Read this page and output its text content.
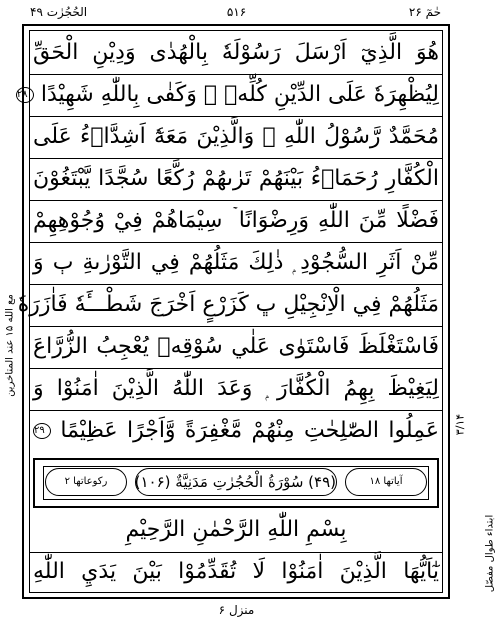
الحُجُرٰت ۴۹	۵۱۶	حٰمٓ ۲۶
هُوَ الَّذِيٓ اَرْسَلَ رَسُوْلَهٗ بِالْهُدٰى وَدِيْنِ الْحَقِّ
لِيُظْهِرَهٗ عَلَى الدِّيْنِ كُلِّهٖ ۭ وَكَفٰى بِاللّٰهِ شَهِيْدًا ۲۸
مُحَمَّدٌ رَّسُوْلُ اللّٰهِ ۭ وَالَّذِيْنَ مَعَهٗٓ اَشِدَّاۗءُ عَلَى
الْكُفَّارِ رُحَمَاۗءُ بَيْنَهُمْ تَرٰىهُمْ رُكَّعًا سُجَّدًا يَّبْتَغُوْنَ
فَضْلًا مِّنَ اللّٰهِ وَرِضْوَانًا ۡ سِيْمَاهُمْ فِيْ وُجُوْهِهِمْ
مِّنْ اَثَرِ السُّجُوْدِ ۭ ذٰلِكَ مَثَلُهُمْ فِي التَّوْرٰىةِ ٻ وَ
مَثَلُهُمْ فِي الْاِنْجِيْلِ ڀ كَزَرْعٍ اَخْرَجَ شَطْـــَٔهٗ فَاٰزَرَهٗ
فَاسْتَغْلَظَ فَاسْتَوٰى عَلٰي سُوْقِهٖ يُعْجِبُ الزُّرَّاعَ
لِيَغِيْظَ بِهِمُ الْكُفَّارَ ۭ وَعَدَ اللّٰهُ الَّذِيْنَ اٰمَنُوْا وَ
عَمِلُوا الصّٰلِحٰتِ مِنْهُمْ مَّغْفِرَةً وَّاَجْرًا عَظِيْمًا ۲۹
رکوعاتها ۲	(۴۹) سُوْرَةُ الْحُجُرٰتِ مَدَنِيَّةٌ (۱۰۶)	آیاتها ۱۸
بِسْمِ اللّٰهِ الرَّحْمٰنِ الرَّحِيْمِ
يٰٓاَيُّهَا الَّذِيْنَ اٰمَنُوْا لَا تُقَدِّمُوْا بَيْنَ يَدَيِ اللّٰهِ
مع الله ۱۵ عند المتاخرین
۳/۱۴
ابتداء طوال مفصّل
منزل ۶
